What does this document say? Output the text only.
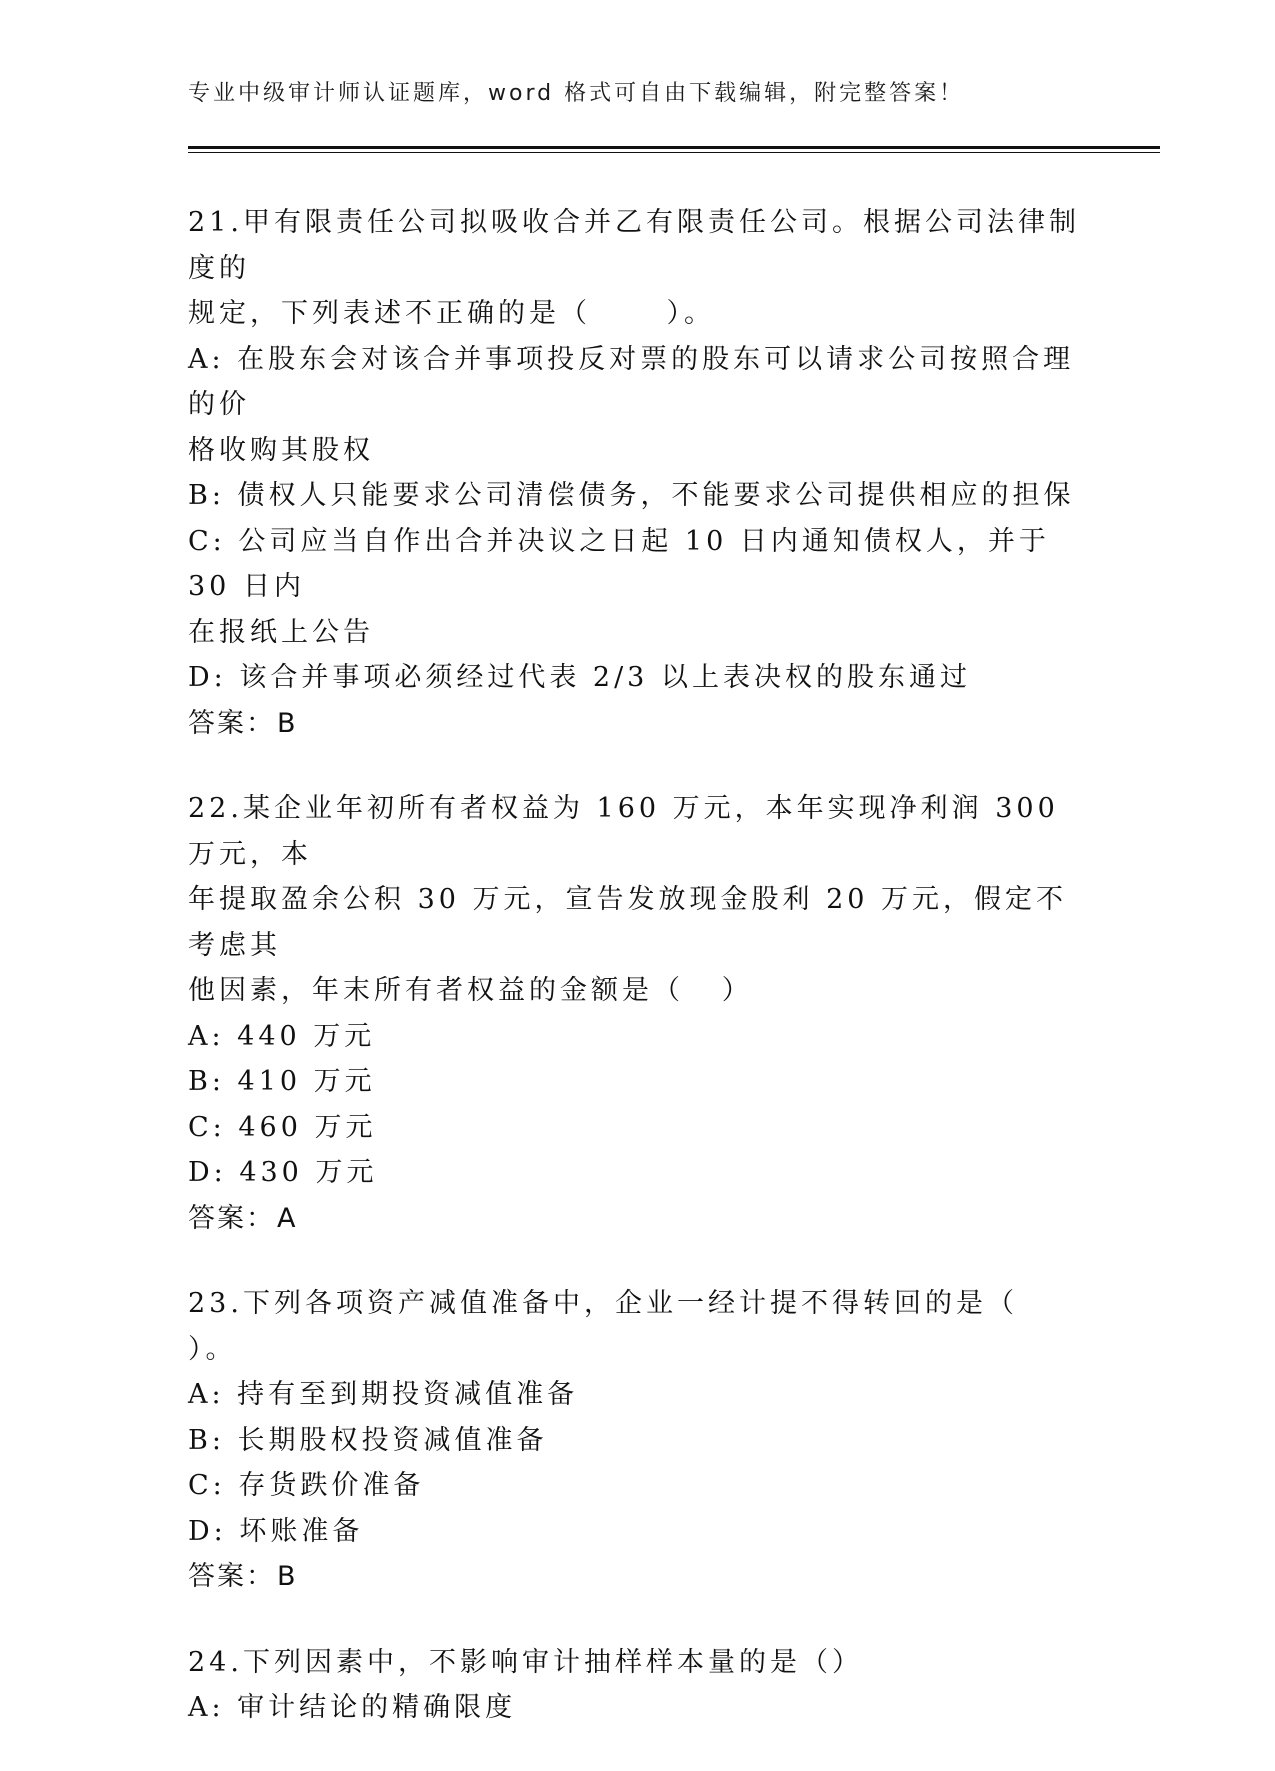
专业中级审计师认证题库，word 格式可自由下载编辑，附完整答案！
21.甲有限责任公司拟吸收合并乙有限责任公司。根据公司法律制度的
规定，下列表述不正确的是（      ）。
A: 在股东会对该合并事项投反对票的股东可以请求公司按照合理的价
格收购其股权
B: 债权人只能要求公司清偿债务，不能要求公司提供相应的担保
C: 公司应当自作出合并决议之日起 10 日内通知债权人，并于 30 日内
在报纸上公告
D: 该合并事项必须经过代表 2/3 以上表决权的股东通过
答案：B
22.某企业年初所有者权益为 160 万元，本年实现净利润 300 万元，本
年提取盈余公积 30 万元，宣告发放现金股利 20 万元，假定不考虑其
他因素，年末所有者权益的金额是（   ）
A: 440 万元
B: 410 万元
C: 460 万元
D: 430 万元
答案：A
23.下列各项资产减值准备中，企业一经计提不得转回的是（   ）。
A: 持有至到期投资减值准备
B: 长期股权投资减值准备
C: 存货跌价准备
D: 坏账准备
答案：B
24.下列因素中，不影响审计抽样样本量的是（）
A: 审计结论的精确限度
